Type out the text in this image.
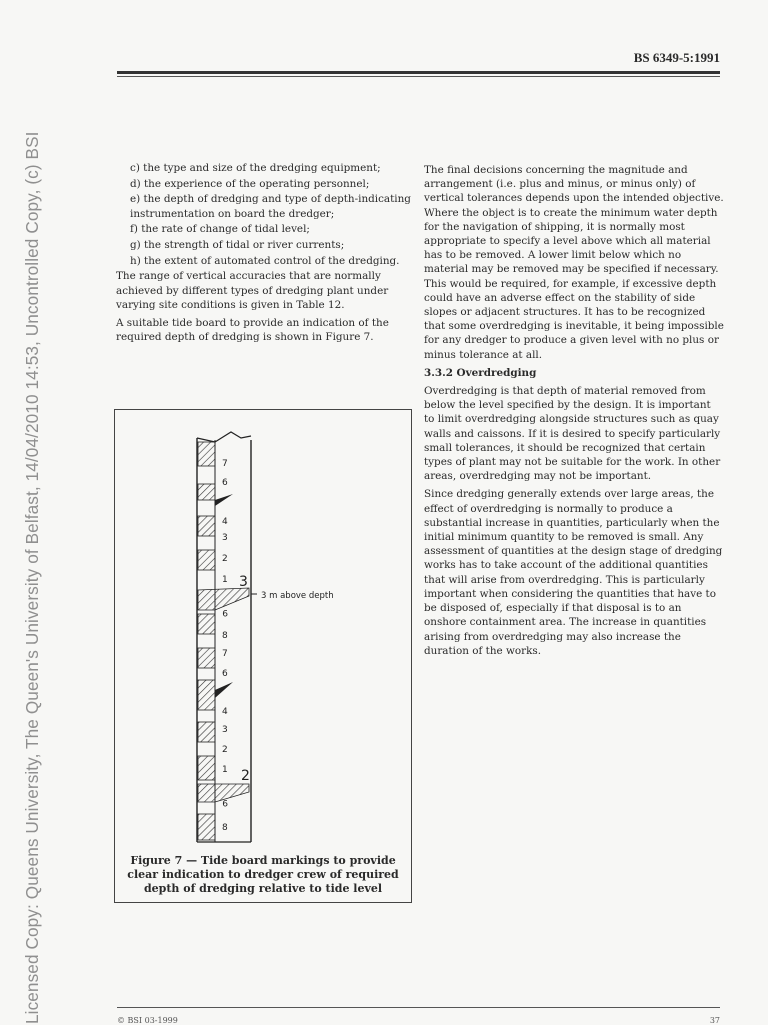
Licensed Copy: Queens University, The Queen's University of Belfast, 14/04/2010 14:53, Uncontrolled Copy, (c) BSI
BS 6349-5:1991
c) the type and size of the dredging equipment;
d) the experience of the operating personnel;
e) the depth of dredging and type of depth-indicating instrumentation on board the dredger;
f) the rate of change of tidal level;
g) the strength of tidal or river currents;
h) the extent of automated control of the dredging.

The range of vertical accuracies that are normally achieved by different types of dredging plant under varying site conditions is given in Table 12.

A suitable tide board to provide an indication of the required depth of dredging is shown in Figure 7.

7
6
4
3
2
1
9
8
7
6
4
3
2
1
9
8
3
2
3 m above depth
Figure 7 — Tide board markings to provide clear indication to dredger crew of required depth of dredging relative to tide level

The final decisions concerning the magnitude and arrangement (i.e. plus and minus, or minus only) of vertical tolerances depends upon the intended objective. Where the object is to create the minimum water depth for the navigation of shipping, it is normally most appropriate to specify a level above which all material has to be removed. A lower limit below which no material may be removed may be specified if necessary. This would be required, for example, if excessive depth could have an adverse effect on the stability of side slopes or adjacent structures. It has to be recognized that some overdredging is inevitable, it being impossible for any dredger to produce a given level with no plus or minus tolerance at all.

3.3.2 Overdredging

Overdredging is that depth of material removed from below the level specified by the design. It is important to limit overdredging alongside structures such as quay walls and caissons. If it is desired to specify particularly small tolerances, it should be recognized that certain types of plant may not be suitable for the work. In other areas, overdredging may not be important.

Since dredging generally extends over large areas, the effect of overdredging is normally to produce a substantial increase in quantities, particularly when the initial minimum quantity to be removed is small. Any assessment of quantities at the design stage of dredging works has to take account of the additional quantities that will arise from overdredging. This is particularly important when considering the quantities that have to be disposed of, especially if that disposal is to an onshore containment area. The increase in quantities arising from overdredging may also increase the duration of the works.

© BSI 03-1999	37
